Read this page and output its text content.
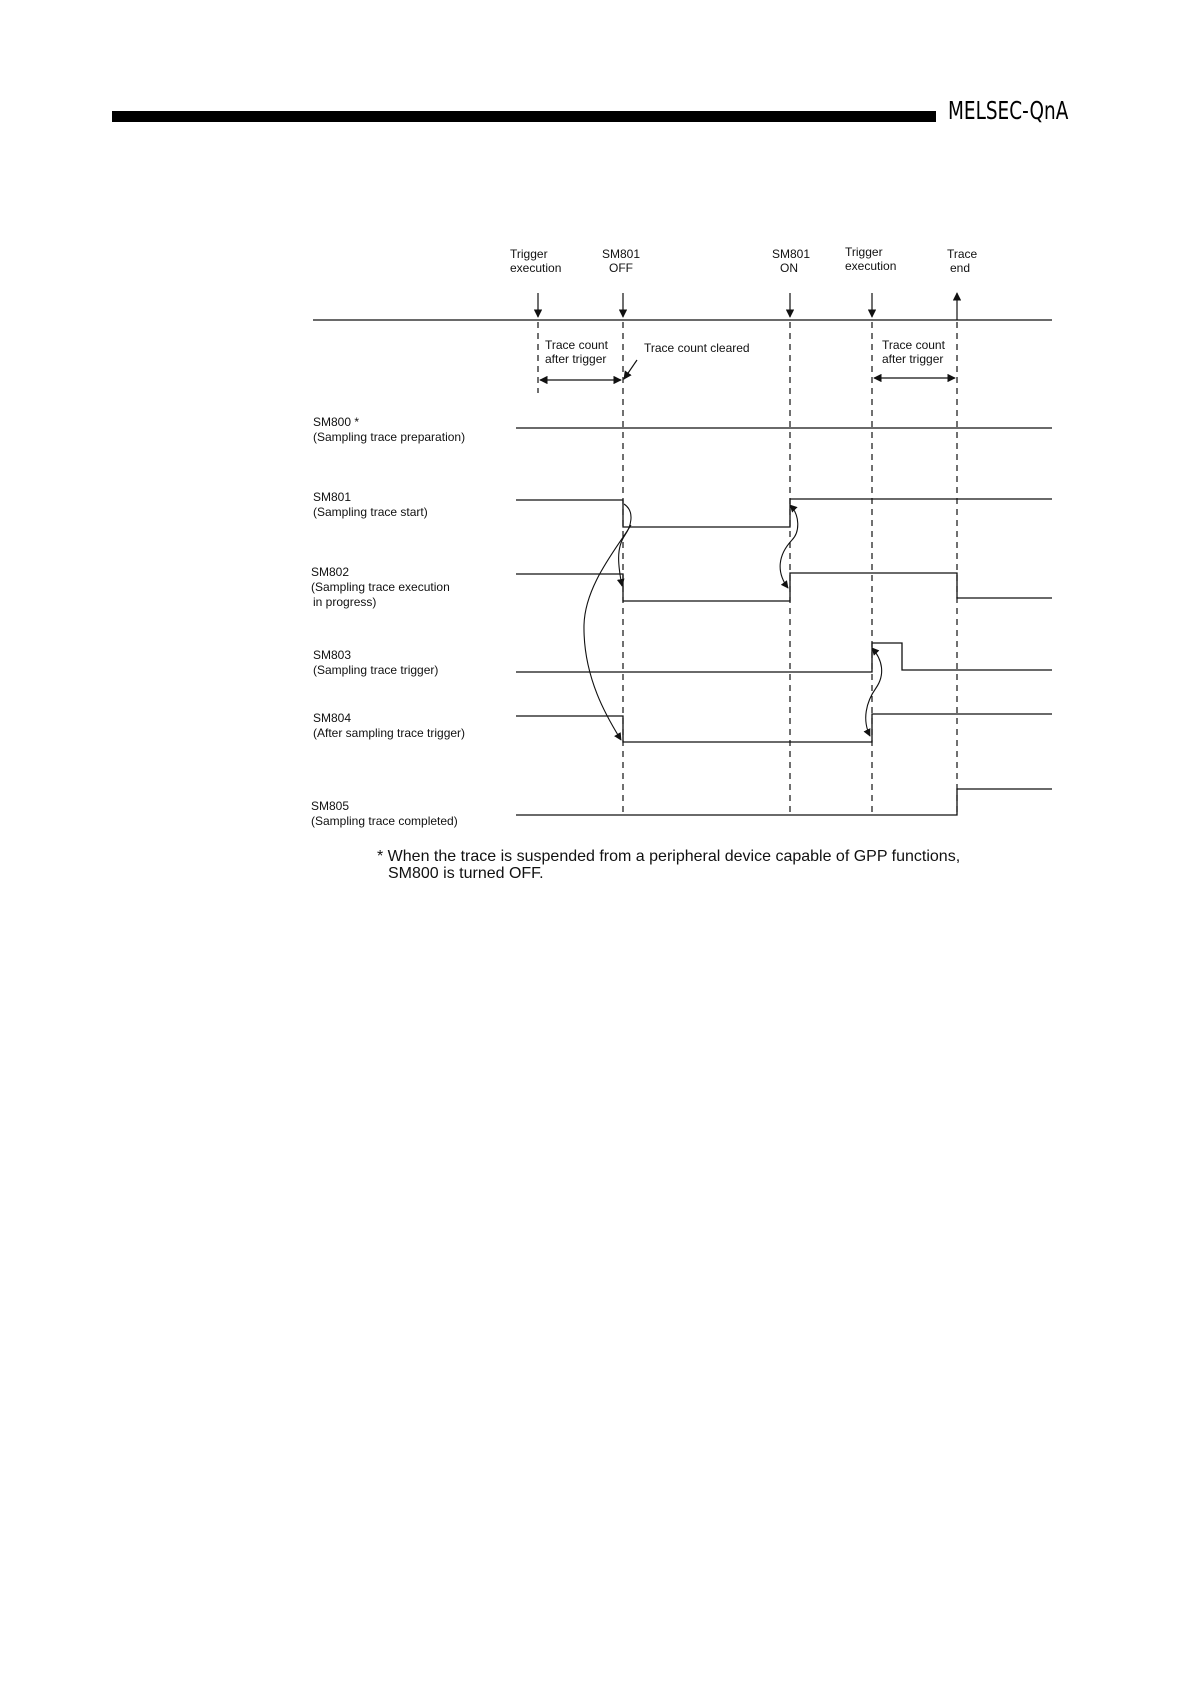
MELSEC-QnA
Trigger
execution
SM801
OFF
SM801
ON
Trigger
execution
Trace
end
Trace count
after trigger
Trace count cleared	Trace count
after trigger
SM800 *
(Sampling trace preparation)
SM801
(Sampling trace start)
SM802
(Sampling trace execution
in progress)
SM803
(Sampling trace trigger)
SM804
(After sampling trace trigger)
SM805
(Sampling trace completed)
* When the trace is suspended from a peripheral device capable of GPP functions,
SM800 is turned OFF.
